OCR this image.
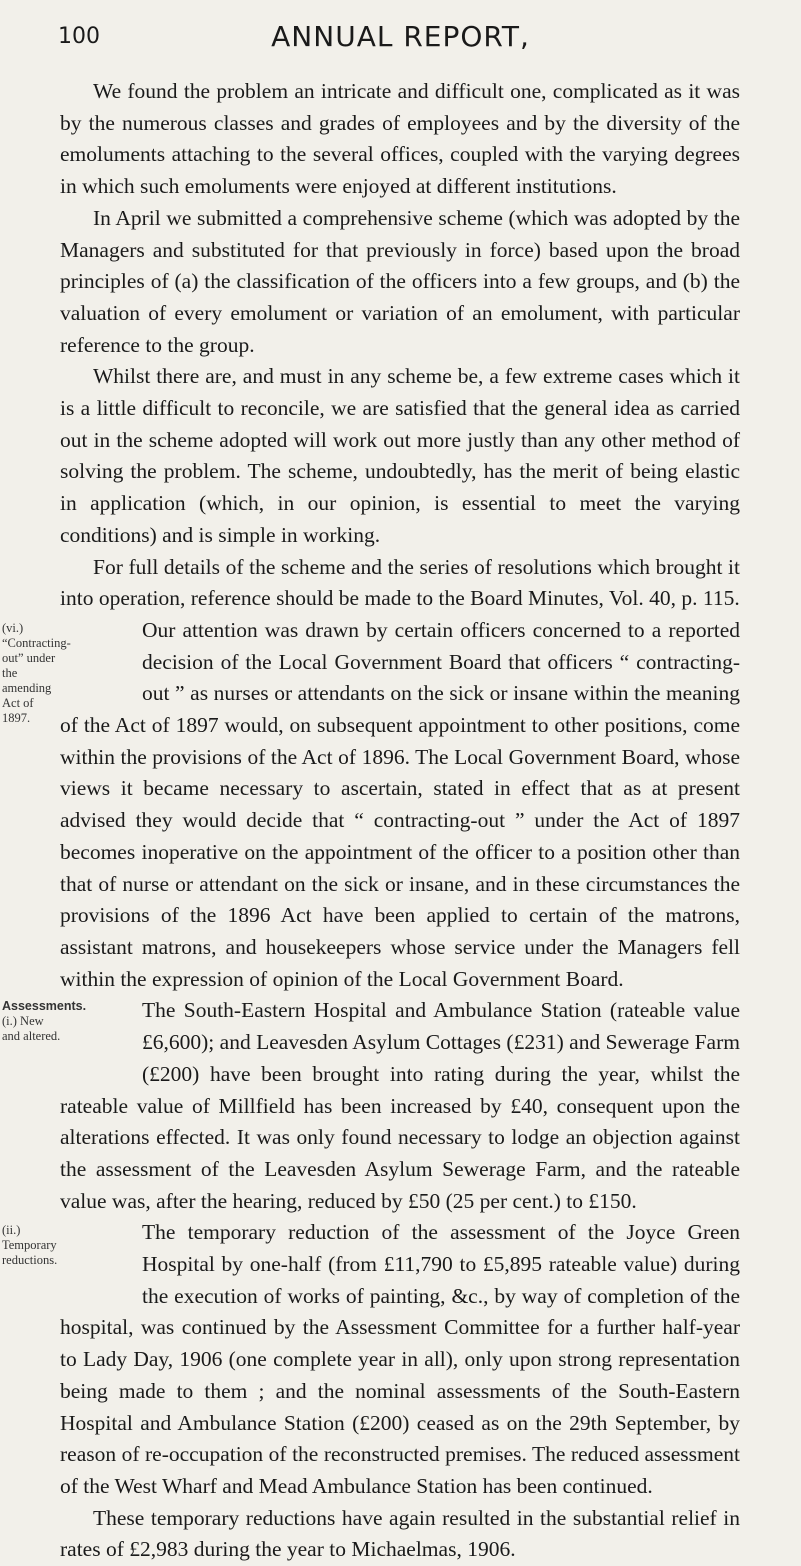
100	ANNUAL REPORT,

We found the problem an intricate and difficult one, complicated as it was by the numerous classes and grades of employees and by the diversity of the emoluments attaching to the several offices, coupled with the varying degrees in which such emoluments were enjoyed at different institutions.

In April we submitted a comprehensive scheme (which was adopted by the Managers and substituted for that previously in force) based upon the broad principles of (a) the classification of the officers into a few groups, and (b) the valuation of every emolument or variation of an emolument, with particular reference to the group.

Whilst there are, and must in any scheme be, a few extreme cases which it is a little difficult to reconcile, we are satisfied that the general idea as carried out in the scheme adopted will work out more justly than any other method of solving the problem. The scheme, undoubtedly, has the merit of being elastic in application (which, in our opinion, is essential to meet the varying conditions) and is simple in working.

For full details of the scheme and the series of resolutions which brought it into operation, reference should be made to the Board Minutes, Vol. 40, p. 115.

(vi.) “Contracting-out” under the amending Act of 1897.

Our attention was drawn by certain officers concerned to a reported decision of the Local Government Board that officers “ contracting-out ” as nurses or attendants on the sick or insane within the meaning of the Act of 1897 would, on subsequent appointment to other positions, come within the provisions of the Act of 1896. The Local Government Board, whose views it became necessary to ascertain, stated in effect that as at present advised they would decide that “ contracting-out ” under the Act of 1897 becomes inoperative on the appointment of the officer to a position other than that of nurse or attendant on the sick or insane, and in these circumstances the provisions of the 1896 Act have been applied to certain of the matrons, assistant matrons, and housekeepers whose service under the Managers fell within the expression of opinion of the Local Government Board.

Assessments.
(i.) New and altered.

The South-Eastern Hospital and Ambulance Station (rateable value £6,600); and Leavesden Asylum Cottages (£231) and Sewerage Farm (£200) have been brought into rating during the year, whilst the rateable value of Millfield has been increased by £40, consequent upon the alterations effected. It was only found necessary to lodge an objection against the assessment of the Leavesden Asylum Sewerage Farm, and the rateable value was, after the hearing, reduced by £50 (25 per cent.) to £150.

(ii.) Temporary reductions.

The temporary reduction of the assessment of the Joyce Green Hospital by one-half (from £11,790 to £5,895 rateable value) during the execution of works of painting, &c., by way of completion of the hospital, was continued by the Assessment Committee for a further half-year to Lady Day, 1906 (one complete year in all), only upon strong representation being made to them ; and the nominal assessments of the South-Eastern Hospital and Ambulance Station (£200) ceased as on the 29th September, by reason of re-occupation of the reconstructed premises. The reduced assessment of the West Wharf and Mead Ambulance Station has been continued.

These temporary reductions have again resulted in the substantial relief in rates of £2,983 during the year to Michaelmas, 1906.
